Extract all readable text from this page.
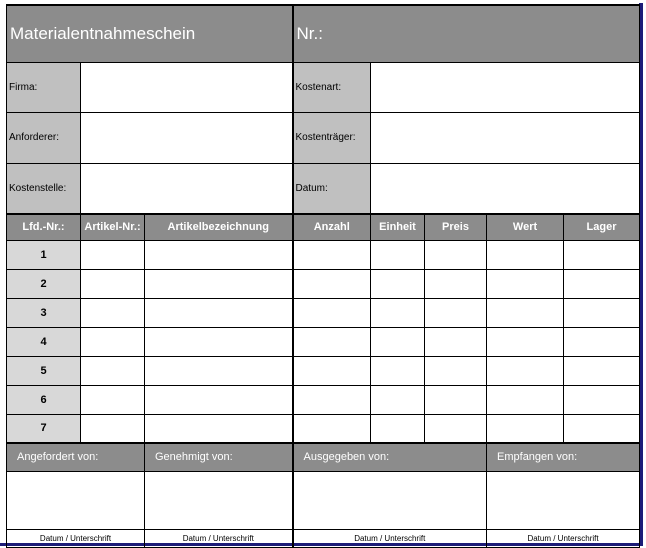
Materialentnahmeschein			Nr.:				
Firma:			Kostenart:				
Anforderer:			Kostenträger:				
Kostenstelle:			Datum:				
Lfd.-Nr.:	Artikel-Nr.:	Artikelbezeichnung	Anzahl	Einheit	Preis	Wert	Lager
1							
2							
3							
4							
5							
6							
7							
Angefordert von:		Genehmigt von:	Ausgegeben von:			Empfangen von:	

Datum / Unterschrift		Datum / Unterschrift	Datum / Unterschrift			Datum / Unterschrift	
